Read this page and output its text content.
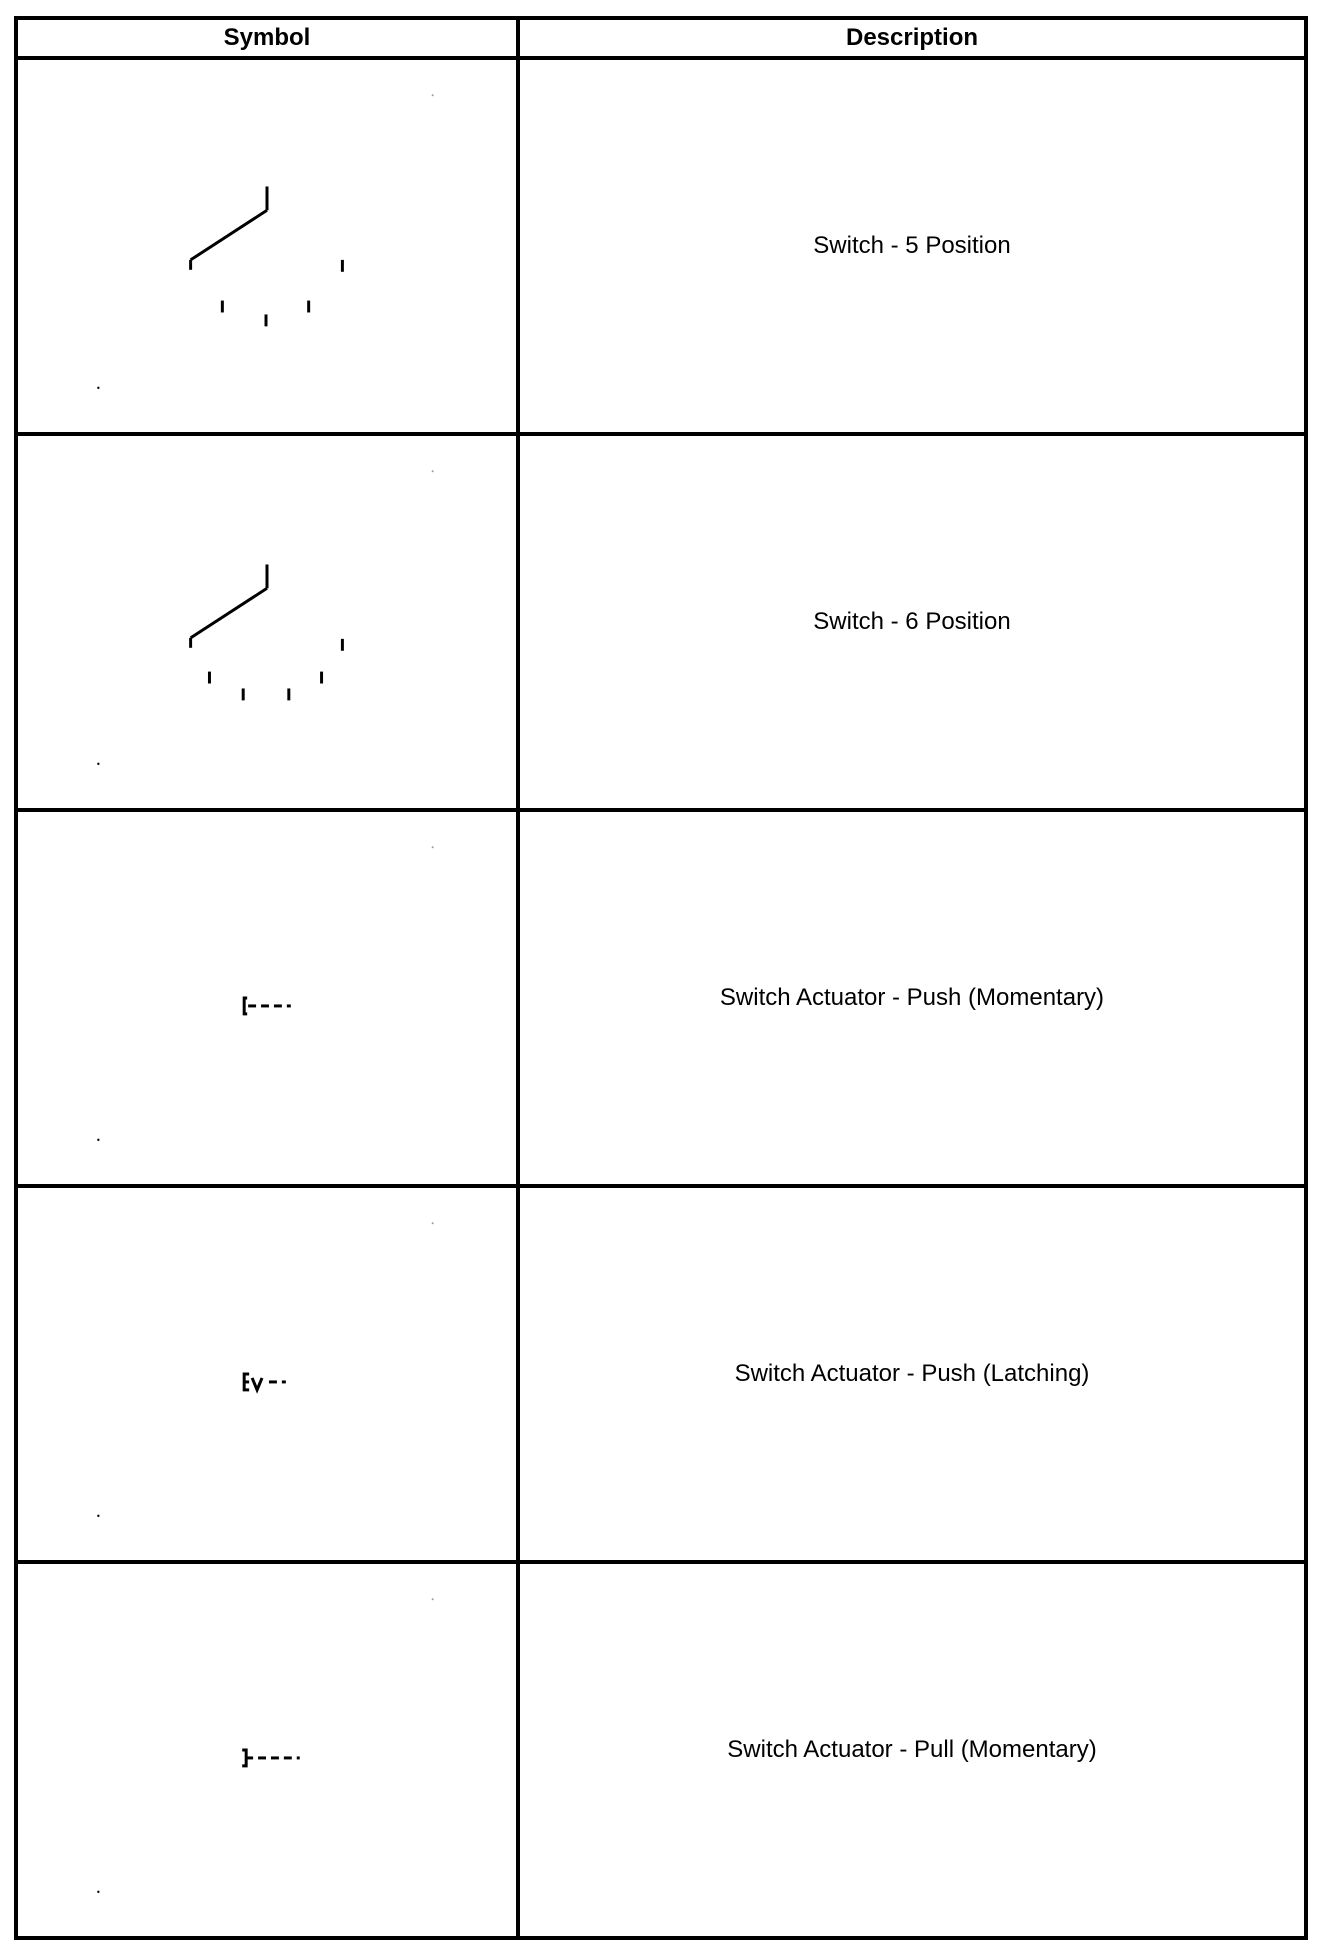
Symbol	Description

	Switch - 5 Position

	Switch - 6 Position

	Switch Actuator - Push (Momentary)

	Switch Actuator - Push (Latching)

	Switch Actuator - Pull (Momentary)
